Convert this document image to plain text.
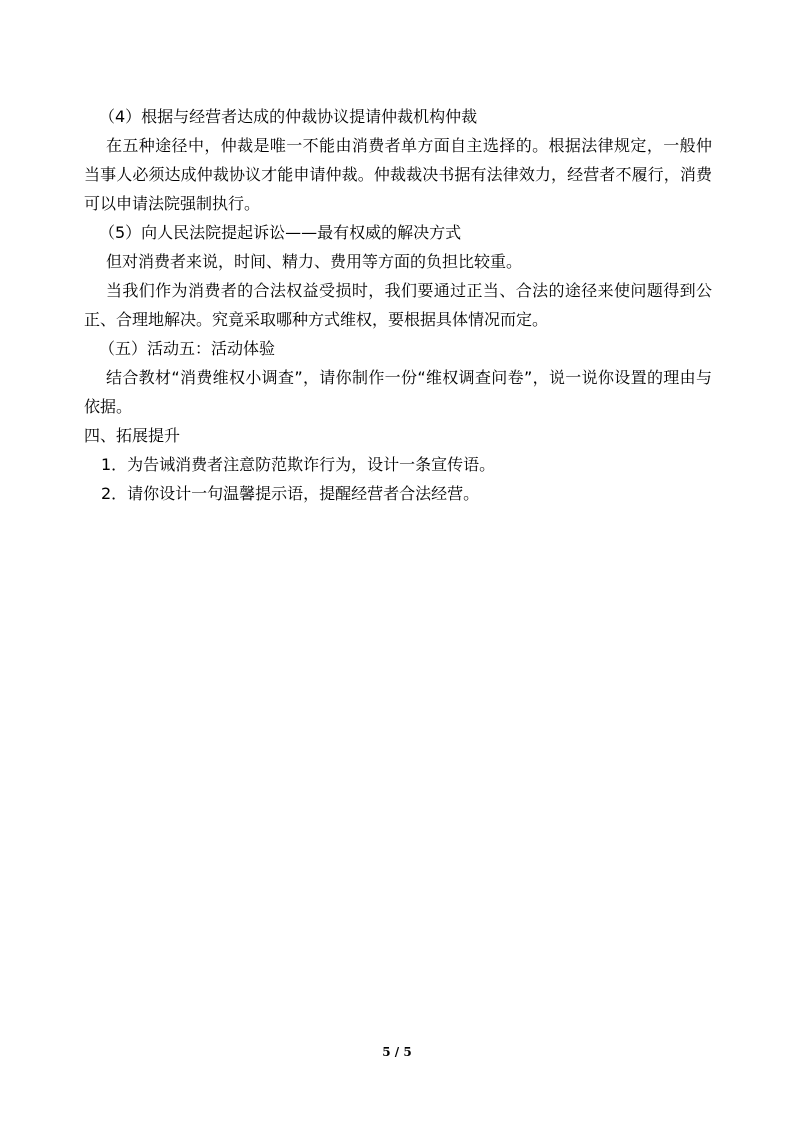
（4）根据与经营者达成的仲裁协议提请仲裁机构仲裁
在五种途径中，仲裁是唯一不能由消费者单方面自主选择的。根据法律规定，一般仲
当事人必须达成仲裁协议才能申请仲裁。仲裁裁决书据有法律效力，经营者不履行，消费
可以申请法院强制执行。
（5）向人民法院提起诉讼——最有权威的解决方式
但对消费者来说，时间、精力、费用等方面的负担比较重。
当我们作为消费者的合法权益受损时，我们要通过正当、合法的途径来使问题得到公
正、合理地解决。究竟采取哪种方式维权，要根据具体情况而定。
（五）活动五：活动体验
结合教材“消费维权小调查”，请你制作一份“维权调查问卷”，说一说你设置的理由与
依据。
四、拓展提升
1．为告诫消费者注意防范欺诈行为，设计一条宣传语。
2．请你设计一句温馨提示语，提醒经营者合法经营。
5 / 5
